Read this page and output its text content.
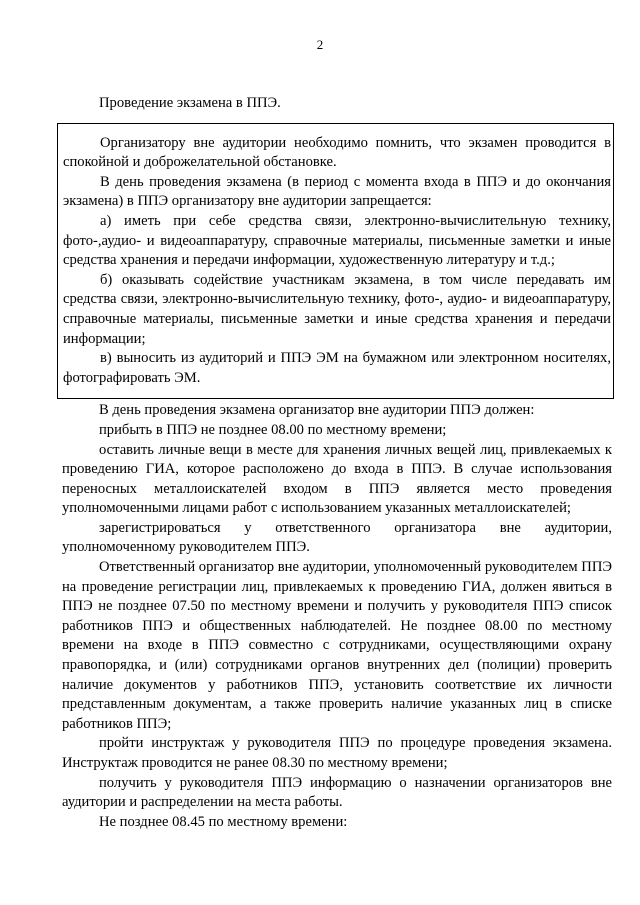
2

Проведение экзамена в ППЭ.

Организатору вне аудитории необходимо помнить, что экзамен проводится в спокойной и доброжелательной обстановке.

В день проведения экзамена (в период с момента входа в ППЭ и до окончания экзамена) в ППЭ организатору вне аудитории запрещается:

а) иметь при себе средства связи, электронно-вычислительную технику, фото-,аудио- и видеоаппаратуру, справочные материалы, письменные заметки и иные средства хранения и передачи информации, художественную литературу и т.д.;

б) оказывать содействие участникам экзамена, в том числе передавать им средства связи, электронно-вычислительную технику, фото-, аудио- и видеоаппаратуру, справочные материалы, письменные заметки и иные средства хранения и передачи информации;

в) выносить из аудиторий и ППЭ ЭМ на бумажном или электронном носителях, фотографировать ЭМ.

В день проведения экзамена организатор вне аудитории ППЭ должен:

прибыть в ППЭ не позднее 08.00 по местному времени;

оставить личные вещи в месте для хранения личных вещей лиц, привлекаемых к проведению ГИА, которое расположено до входа в ППЭ. В случае использования переносных металлоискателей входом в ППЭ является место проведения уполномоченными лицами работ с использованием указанных металлоискателей;

зарегистрироваться у ответственного организатора вне аудитории, уполномоченному руководителем ППЭ.

Ответственный организатор вне аудитории, уполномоченный руководителем ППЭ на проведение регистрации лиц, привлекаемых к проведению ГИА, должен явиться в ППЭ не позднее 07.50 по местному времени и получить у руководителя ППЭ список работников ППЭ и общественных наблюдателей. Не позднее 08.00 по местному времени на входе в ППЭ совместно с сотрудниками, осуществляющими охрану правопорядка, и (или) сотрудниками органов внутренних дел (полиции) проверить наличие документов у работников ППЭ, установить соответствие их личности представленным документам, а также проверить наличие указанных лиц в списке работников ППЭ;

пройти инструктаж у руководителя ППЭ по процедуре проведения экзамена. Инструктаж проводится не ранее 08.30 по местному времени;

получить у руководителя ППЭ информацию о назначении организаторов вне аудитории и распределении на места работы.

Не позднее 08.45 по местному времени:
